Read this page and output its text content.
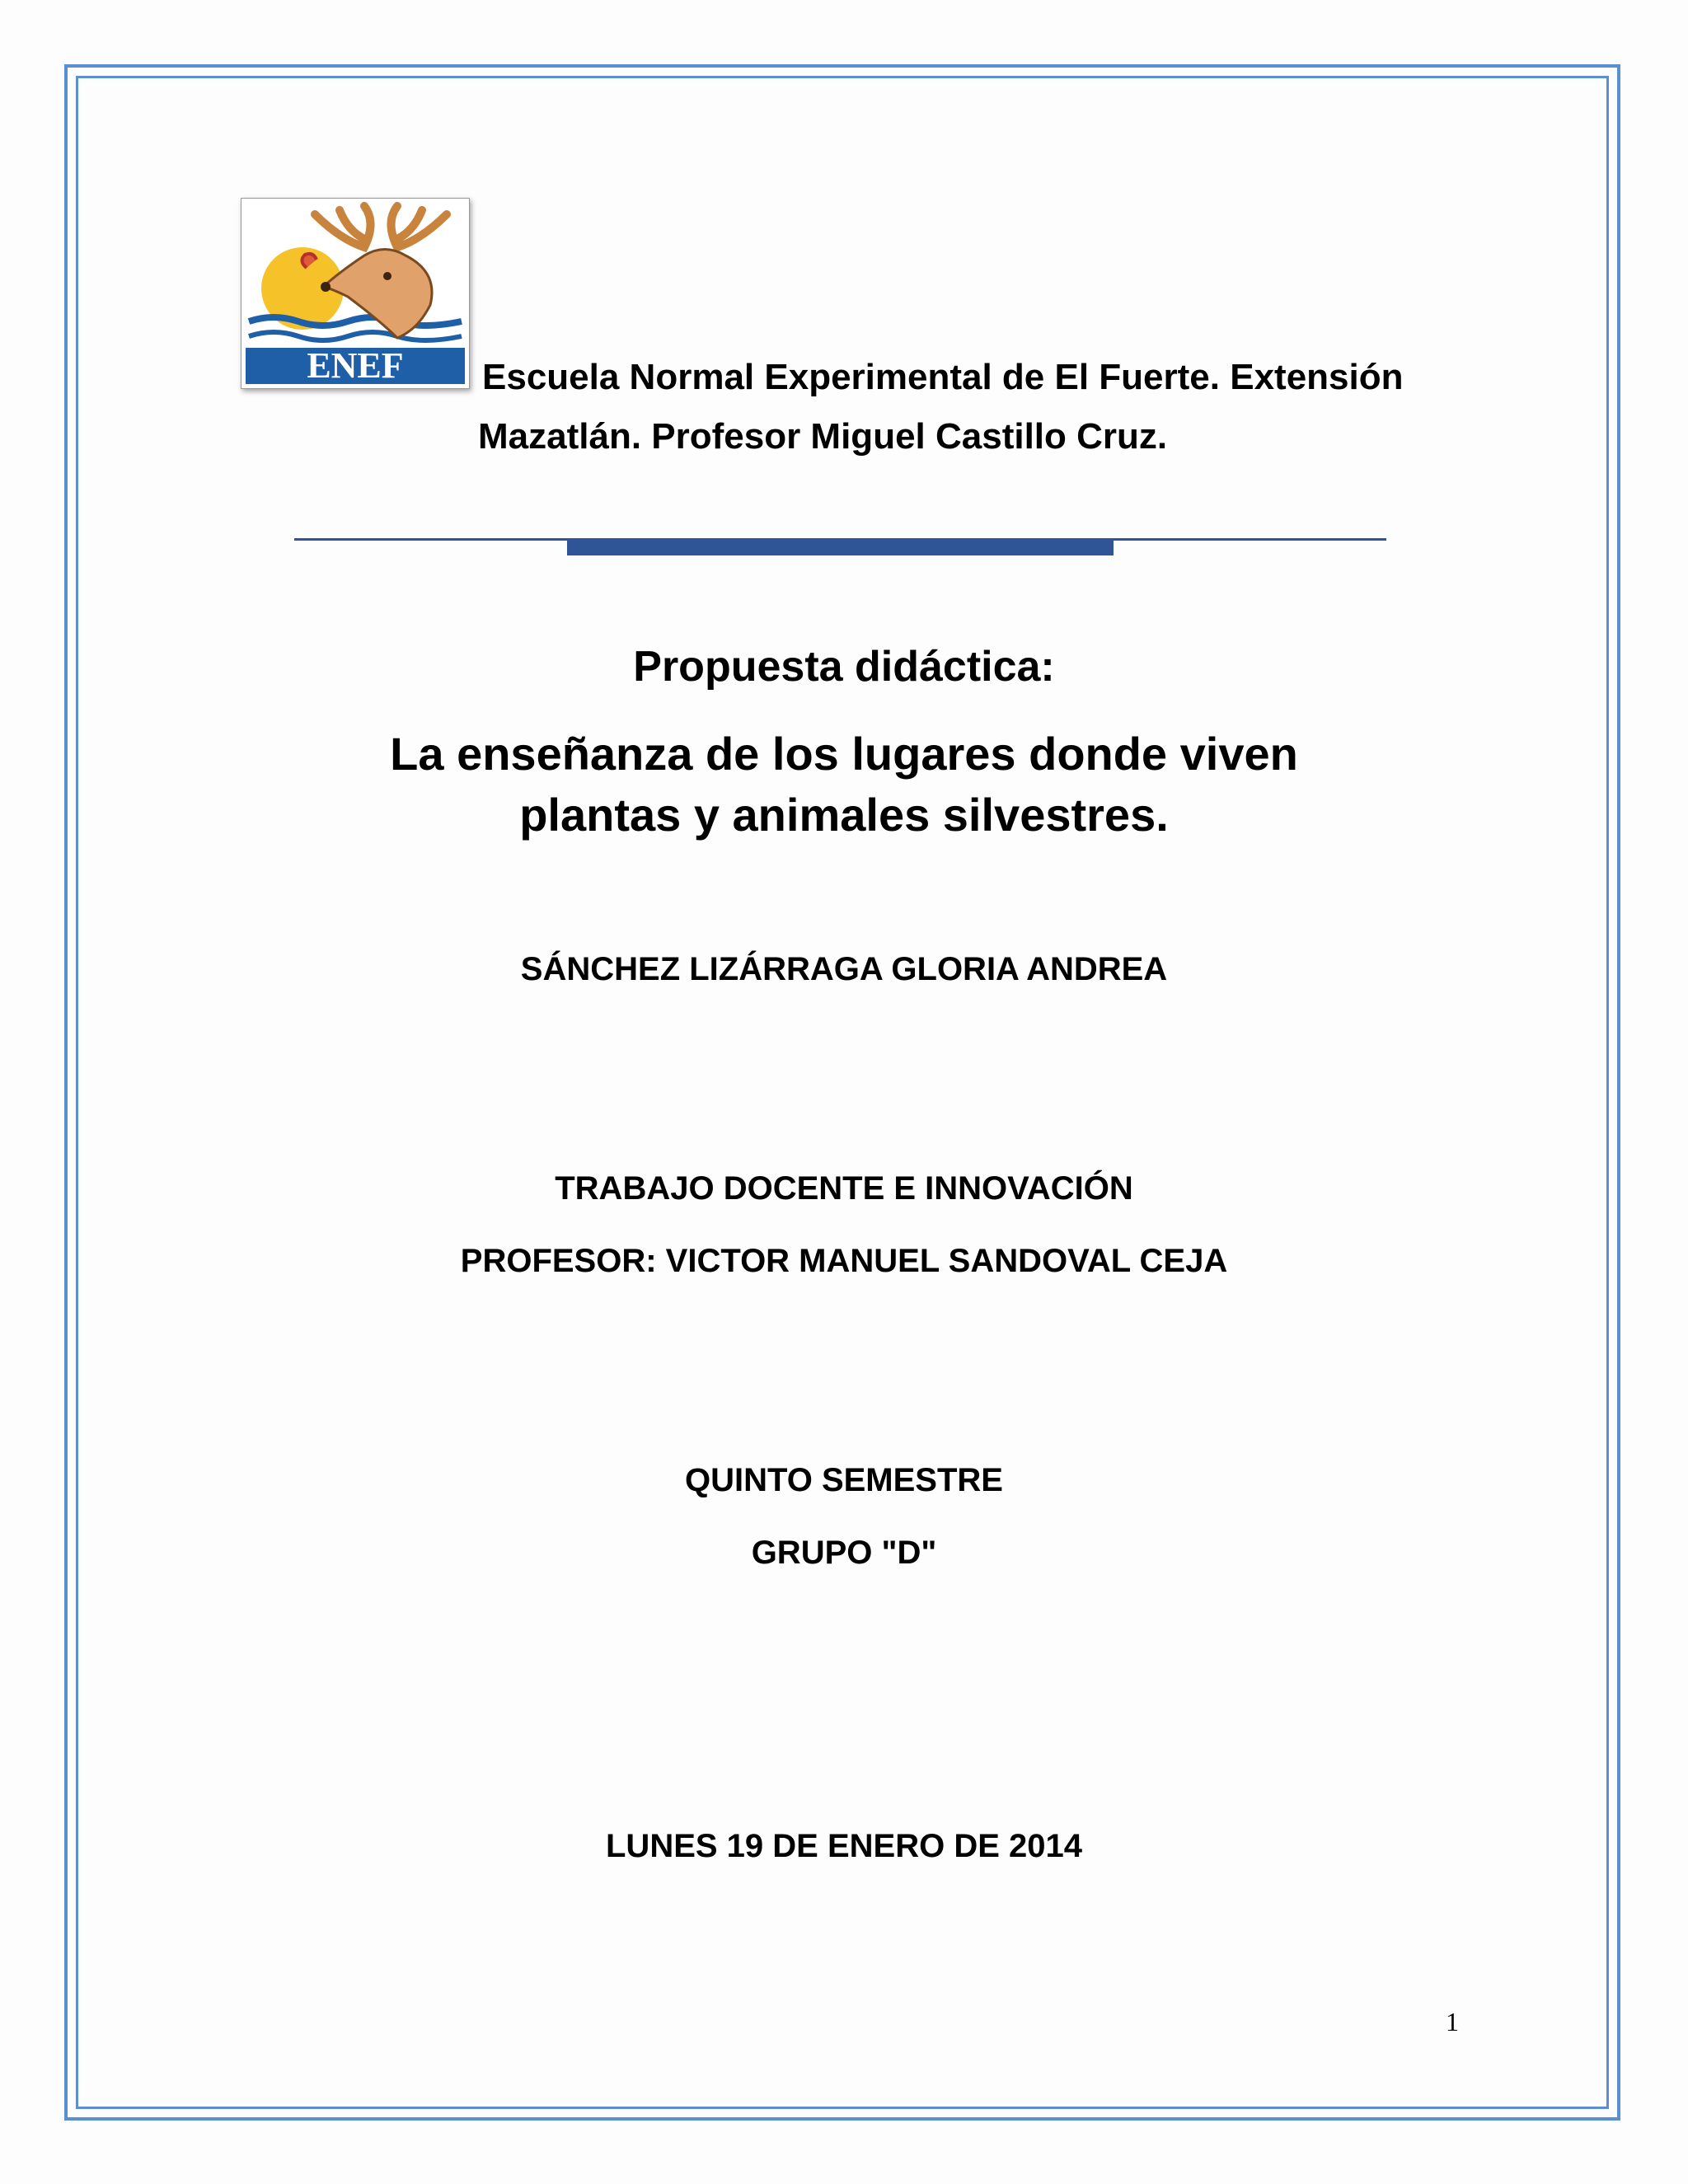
ENEF Escuela Normal Experimental de El Fuerte. Extensión
Mazatlán. Profesor Miguel Castillo Cruz.
Propuesta didáctica:
La enseñanza de los lugares donde viven plantas y animales silvestres.
SÁNCHEZ LIZÁRRAGA GLORIA ANDREA
TRABAJO DOCENTE E INNOVACIÓN
PROFESOR: VICTOR MANUEL SANDOVAL CEJA
QUINTO SEMESTRE
GRUPO "D"
LUNES 19 DE ENERO DE 2014
1
